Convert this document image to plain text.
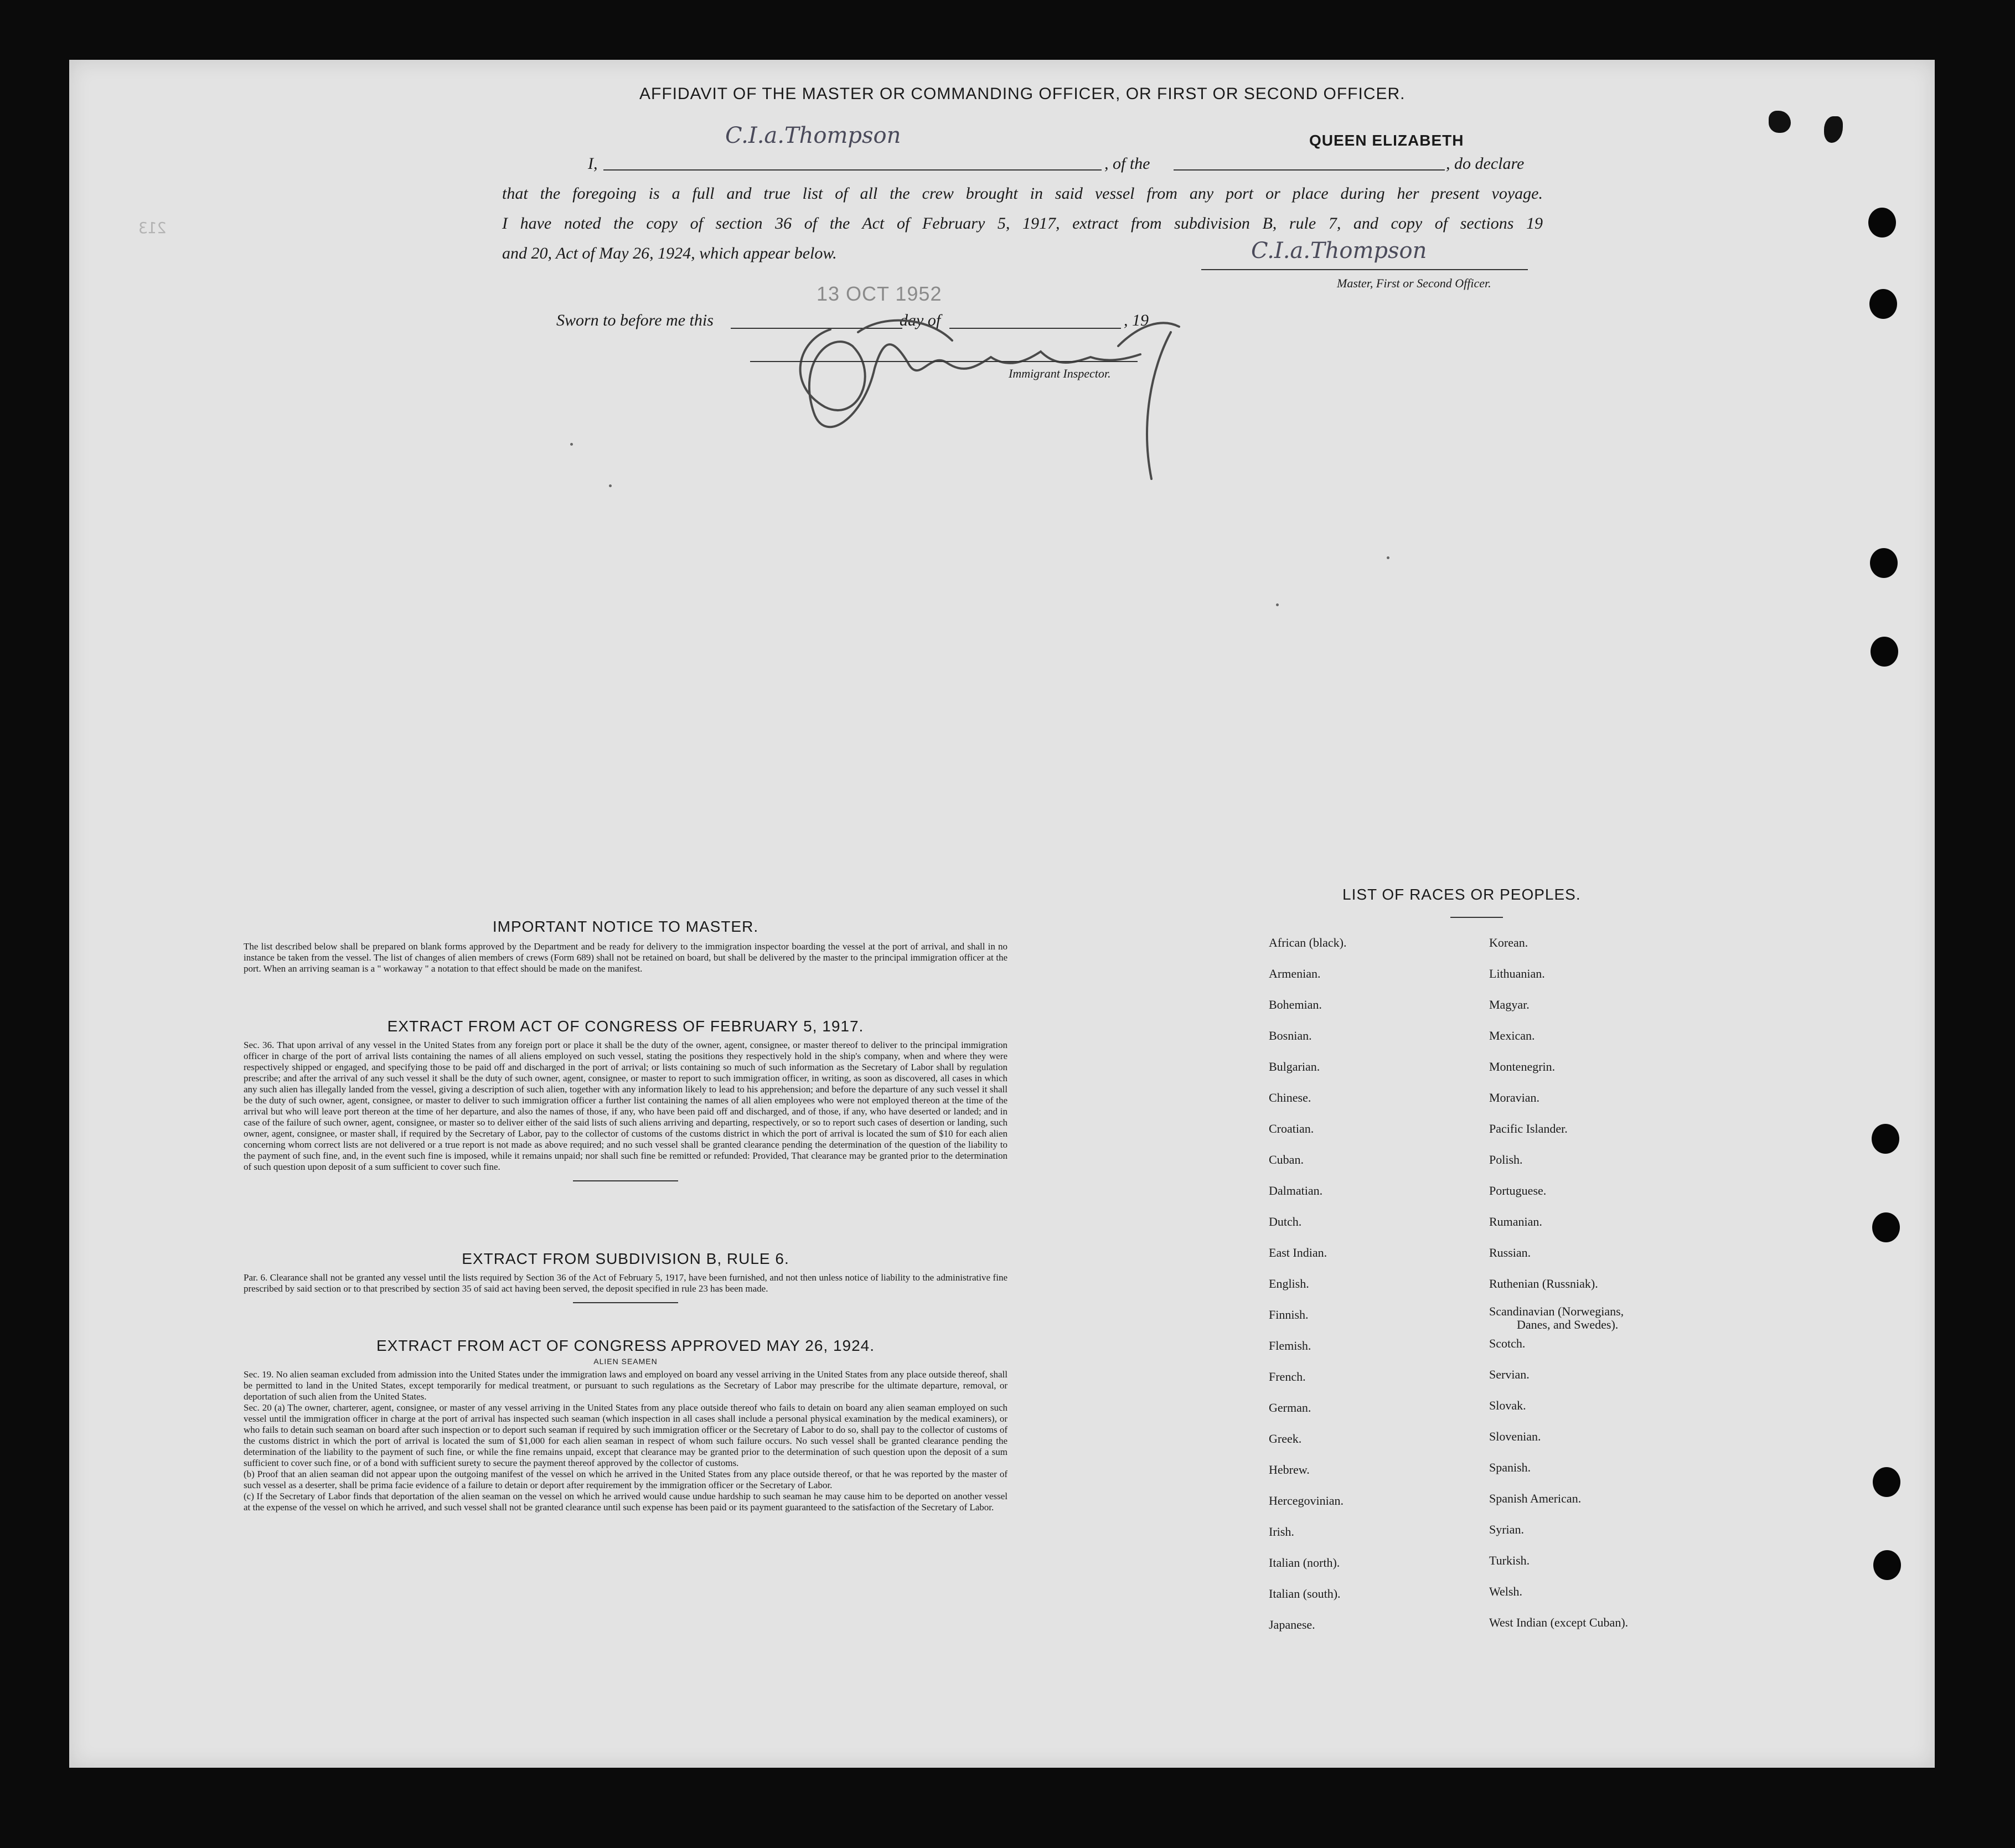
213
AFFIDAVIT OF THE MASTER OR COMMANDING OFFICER, OR FIRST OR SECOND OFFICER.
I,
C.I.a.Thompson
, of the
QUEEN ELIZABETH
, do declare
that the foregoing is a full and true list of all the crew brought in said vessel from any port or place during her present voyage.
I have noted the copy of section 36 of the Act of February 5, 1917, extract from subdivision B, rule 7, and copy of sections 19
and 20, Act of May 26, 1924, which appear below.	C.I.a.Thompson
Master, First or Second Officer.
Sworn to before me this
13 OCT 1952
day of	, 19
Immigrant Inspector.
IMPORTANT NOTICE TO MASTER.
The list described below shall be prepared on blank forms approved by the Department and be ready for delivery to the immigration inspector boarding the vessel at the port of arrival, and shall in no instance be taken from the vessel. The list of changes of alien members of crews (Form 689) shall not be retained on board, but shall be delivered by the master to the principal immigration officer at the port. When an arriving seaman is a " workaway " a notation to that effect should be made on the manifest.
EXTRACT FROM ACT OF CONGRESS OF FEBRUARY 5, 1917.
Sec. 36. That upon arrival of any vessel in the United States from any foreign port or place it shall be the duty of the owner, agent, consignee, or master thereof to deliver to the principal immigration officer in charge of the port of arrival lists containing the names of all aliens employed on such vessel, stating the positions they respectively hold in the ship's company, when and where they were respectively shipped or engaged, and specifying those to be paid off and discharged in the port of arrival; or lists containing so much of such information as the Secretary of Labor shall by regulation prescribe; and after the arrival of any such vessel it shall be the duty of such owner, agent, consignee, or master to report to such immigration officer, in writing, as soon as discovered, all cases in which any such alien has illegally landed from the vessel, giving a description of such alien, together with any information likely to lead to his apprehension; and before the departure of any such vessel it shall be the duty of such owner, agent, consignee, or master to deliver to such immigration officer a further list containing the names of all alien employees who were not employed thereon at the time of the arrival but who will leave port thereon at the time of her departure, and also the names of those, if any, who have been paid off and discharged, and of those, if any, who have deserted or landed; and in case of the failure of such owner, agent, consignee, or master so to deliver either of the said lists of such aliens arriving and departing, respectively, or so to report such cases of desertion or landing, such owner, agent, consignee, or master shall, if required by the Secretary of Labor, pay to the collector of customs of the customs district in which the port of arrival is located the sum of $10 for each alien concerning whom correct lists are not delivered or a true report is not made as above required; and no such vessel shall be granted clearance pending the determination of the question of the liability to the payment of such fine, and, in the event such fine is imposed, while it remains unpaid; nor shall such fine be remitted or refunded: Provided, That clearance may be granted prior to the determination of such question upon deposit of a sum sufficient to cover such fine.
EXTRACT FROM SUBDIVISION B, RULE 6.
Par. 6. Clearance shall not be granted any vessel until the lists required by Section 36 of the Act of February 5, 1917, have been furnished, and not then unless notice of liability to the administrative fine prescribed by said section or to that prescribed by section 35 of said act having been served, the deposit specified in rule 23 has been made.
EXTRACT FROM ACT OF CONGRESS APPROVED MAY 26, 1924.
ALIEN SEAMEN
Sec. 19. No alien seaman excluded from admission into the United States under the immigration laws and employed on board any vessel arriving in the United States from any place outside thereof, shall be permitted to land in the United States, except temporarily for medical treatment, or pursuant to such regulations as the Secretary of Labor may prescribe for the ultimate departure, removal, or deportation of such alien from the United States.
Sec. 20 (a) The owner, charterer, agent, consignee, or master of any vessel arriving in the United States from any place outside thereof who fails to detain on board any alien seaman employed on such vessel until the immigration officer in charge at the port of arrival has inspected such seaman (which inspection in all cases shall include a personal physical examination by the medical examiners), or who fails to detain such seaman on board after such inspection or to deport such seaman if required by such immigration officer or the Secretary of Labor to do so, shall pay to the collector of customs of the customs district in which the port of arrival is located the sum of $1,000 for each alien seaman in respect of whom such failure occurs. No such vessel shall be granted clearance pending the determination of the liability to the payment of such fine, or while the fine remains unpaid, except that clearance may be granted prior to the determination of such question upon the deposit of a sum sufficient to cover such fine, or of a bond with sufficient surety to secure the payment thereof approved by the collector of customs.
(b) Proof that an alien seaman did not appear upon the outgoing manifest of the vessel on which he arrived in the United States from any place outside thereof, or that he was reported by the master of such vessel as a deserter, shall be prima facie evidence of a failure to detain or deport after requirement by the immigration officer or the Secretary of Labor.
(c) If the Secretary of Labor finds that deportation of the alien seaman on the vessel on which he arrived would cause undue hardship to such seaman he may cause him to be deported on another vessel at the expense of the vessel on which he arrived, and such vessel shall not be granted clearance until such expense has been paid or its payment guaranteed to the satisfaction of the Secretary of Labor.
LIST OF RACES OR PEOPLES.
African (black).
Armenian.
Bohemian.
Bosnian.
Bulgarian.
Chinese.
Croatian.
Cuban.
Dalmatian.
Dutch.
East Indian.
English.
Finnish.
Flemish.
French.
German.
Greek.
Hebrew.
Hercegovinian.
Irish.
Italian (north).
Italian (south).
Japanese.
Korean.
Lithuanian.
Magyar.
Mexican.
Montenegrin.
Moravian.
Pacific Islander.
Polish.
Portuguese.
Rumanian.
Russian.
Ruthenian (Russniak).
Scandinavian (Norwegians,
Danes, and Swedes).
Scotch.
Servian.
Slovak.
Slovenian.
Spanish.
Spanish American.
Syrian.
Turkish.
Welsh.
West Indian (except Cuban).
